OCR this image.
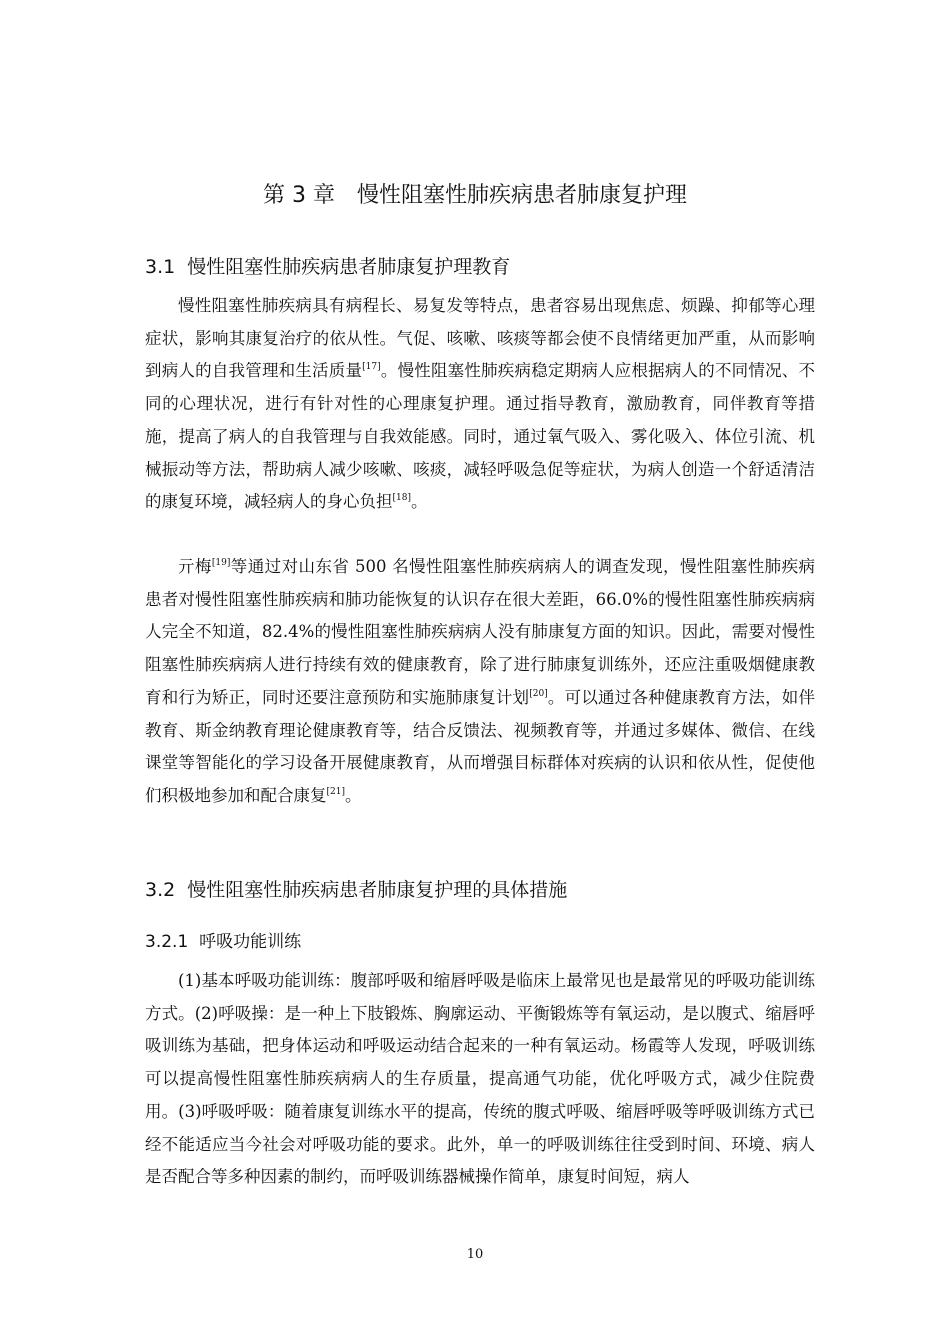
第 3 章　慢性阻塞性肺疾病患者肺康复护理
3.1  慢性阻塞性肺疾病患者肺康复护理教育

慢性阻塞性肺疾病具有病程长、易复发等特点，患者容易出现焦虑、烦躁、抑郁等心理症状，影响其康复治疗的依从性。气促、咳嗽、咳痰等都会使不良情绪更加严重，从而影响到病人的自我管理和生活质量[17]。慢性阻塞性肺疾病稳定期病人应根据病人的不同情况、不同的心理状况，进行有针对性的心理康复护理。通过指导教育，激励教育，同伴教育等措施，提高了病人的自我管理与自我效能感。同时，通过氧气吸入、雾化吸入、体位引流、机械振动等方法，帮助病人减少咳嗽、咳痰，减轻呼吸急促等症状，为病人创造一个舒适清洁的康复环境，减轻病人的身心负担[18]。

亓梅[19]等通过对山东省 500 名慢性阻塞性肺疾病病人的调查发现，慢性阻塞性肺疾病患者对慢性阻塞性肺疾病和肺功能恢复的认识存在很大差距，66.0%的慢性阻塞性肺疾病病人完全不知道，82.4%的慢性阻塞性肺疾病病人没有肺康复方面的知识。因此，需要对慢性阻塞性肺疾病病人进行持续有效的健康教育，除了进行肺康复训练外，还应注重吸烟健康教育和行为矫正，同时还要注意预防和实施肺康复计划[20]。可以通过各种健康教育方法，如伴教育、斯金纳教育理论健康教育等，结合反馈法、视频教育等，并通过多媒体、微信、在线课堂等智能化的学习设备开展健康教育，从而增强目标群体对疾病的认识和依从性，促使他们积极地参加和配合康复[21]。

3.2  慢性阻塞性肺疾病患者肺康复护理的具体措施
3.2.1  呼吸功能训练

(1)基本呼吸功能训练：腹部呼吸和缩唇呼吸是临床上最常见也是最常见的呼吸功能训练方式。(2)呼吸操：是一种上下肢锻炼、胸廓运动、平衡锻炼等有氧运动，是以腹式、缩唇呼吸训练为基础，把身体运动和呼吸运动结合起来的一种有氧运动。杨霞等人发现，呼吸训练可以提高慢性阻塞性肺疾病病人的生存质量，提高通气功能，优化呼吸方式，减少住院费用。(3)呼吸呼吸：随着康复训练水平的提高，传统的腹式呼吸、缩唇呼吸等呼吸训练方式已经不能适应当今社会对呼吸功能的要求。此外，单一的呼吸训练往往受到时间、环境、病人是否配合等多种因素的制约，而呼吸训练器械操作简单，康复时间短，病人

10
